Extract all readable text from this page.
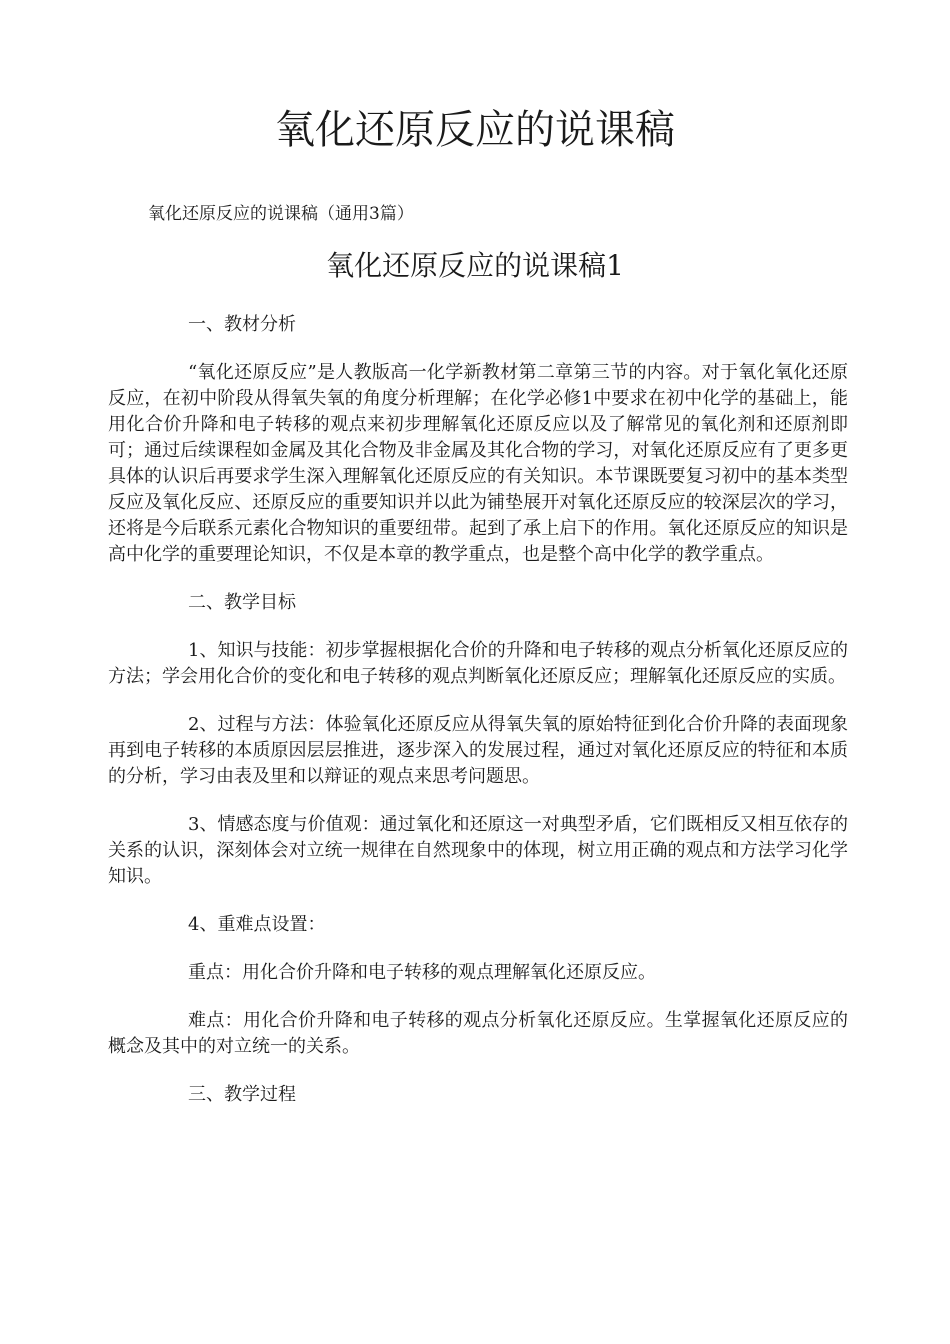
氧化还原反应的说课稿

氧化还原反应的说课稿（通用3篇）

氧化还原反应的说课稿1

一、教材分析

“氧化还原反应”是人教版高一化学新教材第二章第三节的内容。对于氧化氧化还原反应，在初中阶段从得氧失氧的角度分析理解；在化学必修1中要求在初中化学的基础上，能用化合价升降和电子转移的观点来初步理解氧化还原反应以及了解常见的氧化剂和还原剂即可；通过后续课程如金属及其化合物及非金属及其化合物的学习，对氧化还原反应有了更多更具体的认识后再要求学生深入理解氧化还原反应的有关知识。本节课既要复习初中的基本类型反应及氧化反应、还原反应的重要知识并以此为铺垫展开对氧化还原反应的较深层次的学习，还将是今后联系元素化合物知识的重要纽带。起到了承上启下的作用。氧化还原反应的知识是高中化学的重要理论知识，不仅是本章的教学重点，也是整个高中化学的教学重点。

二、教学目标

1、知识与技能：初步掌握根据化合价的升降和电子转移的观点分析氧化还原反应的方法；学会用化合价的变化和电子转移的观点判断氧化还原反应；理解氧化还原反应的实质。

2、过程与方法：体验氧化还原反应从得氧失氧的原始特征到化合价升降的表面现象再到电子转移的本质原因层层推进，逐步深入的发展过程，通过对氧化还原反应的特征和本质的分析，学习由表及里和以辩证的观点来思考问题思。

3、情感态度与价值观：通过氧化和还原这一对典型矛盾，它们既相反又相互依存的关系的认识，深刻体会对立统一规律在自然现象中的体现，树立用正确的观点和方法学习化学知识。

4、重难点设置：

重点：用化合价升降和电子转移的观点理解氧化还原反应。

难点：用化合价升降和电子转移的观点分析氧化还原反应。生掌握氧化还原反应的概念及其中的对立统一的关系。

三、教学过程
